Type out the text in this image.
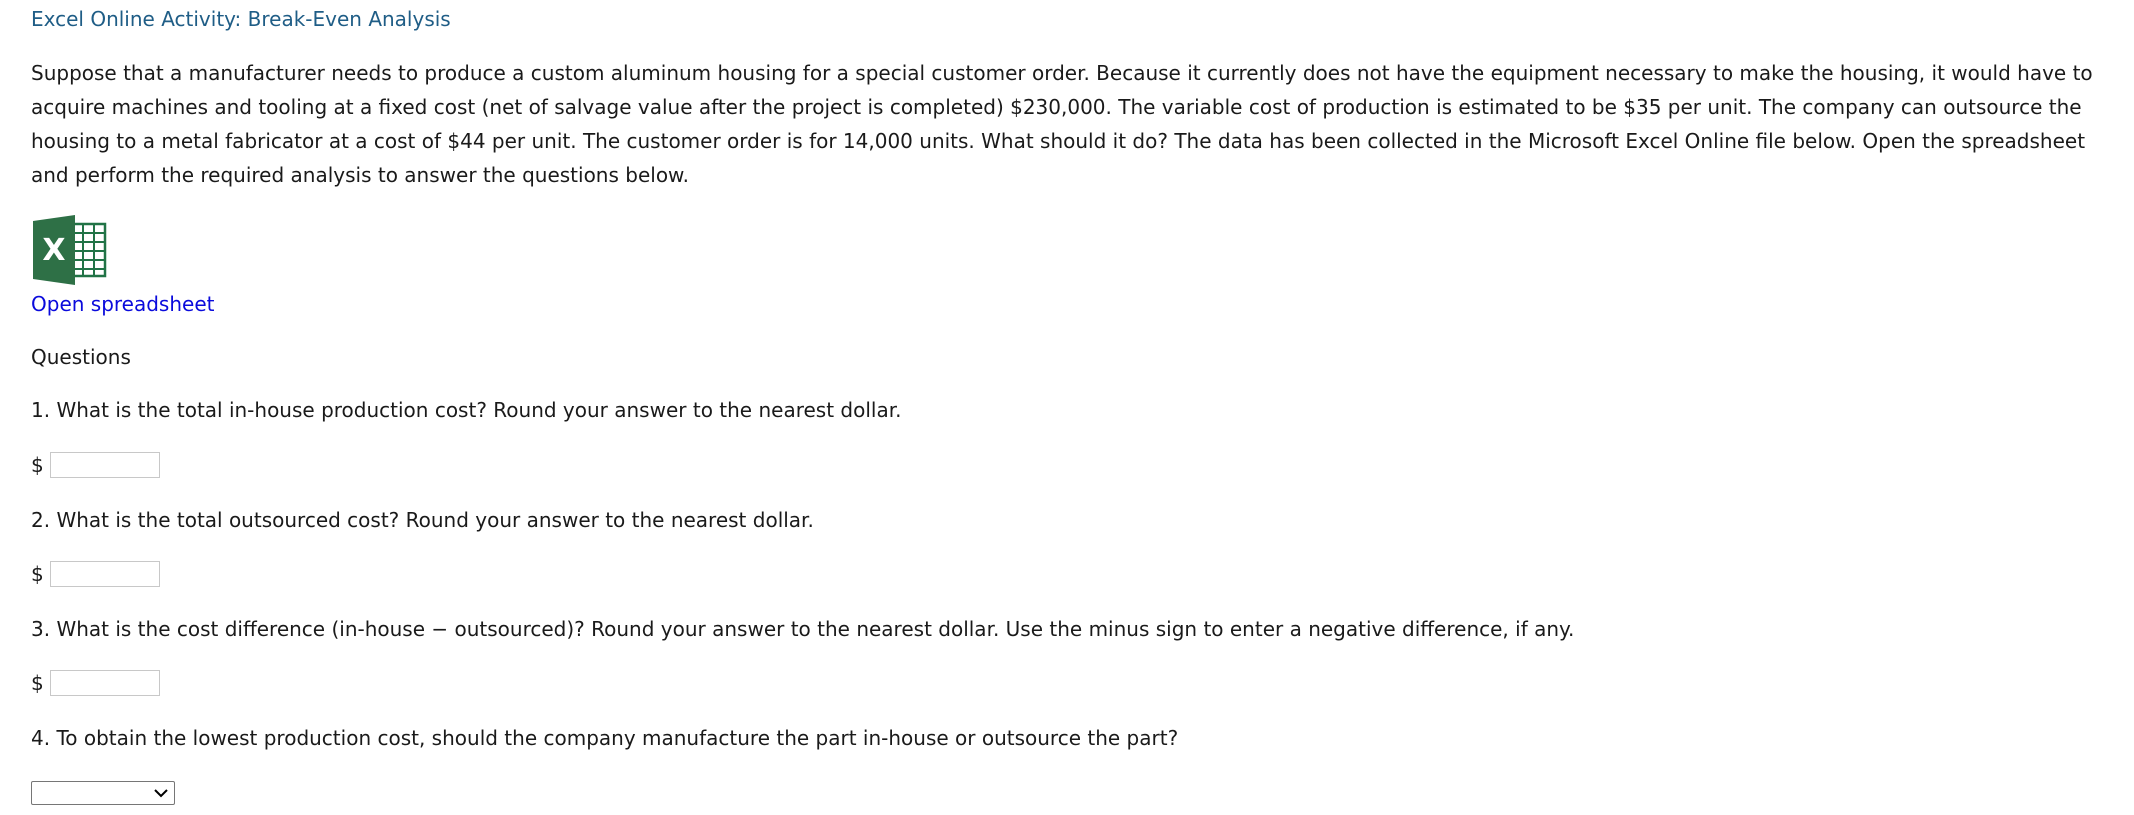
Excel Online Activity: Break-Even Analysis
Suppose that a manufacturer needs to produce a custom aluminum housing for a special customer order. Because it currently does not have the equipment necessary to make the housing, it would have to acquire machines and tooling at a fixed cost (net of salvage value after the project is completed) $230,000. The variable cost of production is estimated to be $35 per unit. The company can outsource the housing to a metal fabricator at a cost of $44 per unit. The customer order is for 14,000 units. What should it do? The data has been collected in the Microsoft Excel Online file below. Open the spreadsheet and perform the required analysis to answer the questions below.
X
Open spreadsheet
Questions
1. What is the total in-house production cost? Round your answer to the nearest dollar.
$
2. What is the total outsourced cost? Round your answer to the nearest dollar.
$
3. What is the cost difference (in-house − outsourced)? Round your answer to the nearest dollar. Use the minus sign to enter a negative difference, if any.
$
4. To obtain the lowest production cost, should the company manufacture the part in-house or outsource the part?
